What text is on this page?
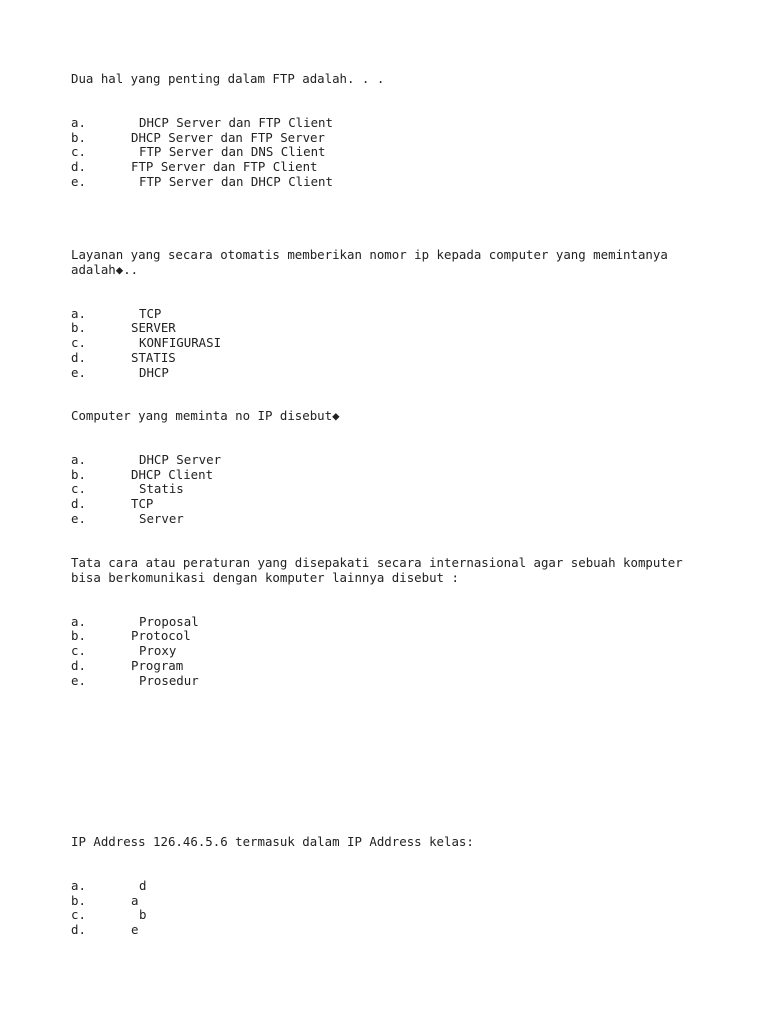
Dua hal yang penting dalam FTP adalah. . .

a.

	DHCP Server dan FTP Client

b.

	DHCP Server dan FTP Server

c.

	FTP Server dan DNS Client

d.

	FTP Server dan FTP Client

e.

	FTP Server dan DHCP Client

Layanan yang secara otomatis memberikan nomor ip kepada computer yang memintanya adalah◆..

a.

	TCP

b.

	SERVER

c.

	KONFIGURASI

d.

	STATIS

e.

	DHCP

Computer yang meminta no IP disebut◆

a.

	DHCP Server

b.

	DHCP Client

c.

	Statis

d.

	TCP

e.

	Server

Tata cara atau peraturan yang disepakati secara internasional agar sebuah komputer bisa berkomunikasi dengan komputer lainnya disebut :

a.

	Proposal

b.

	Protocol

c.

	Proxy

d.

	Program

e.

	Prosedur

IP Address 126.46.5.6 termasuk dalam IP Address kelas:

a.

	d

b.

	a

c.

	b

d.

	e
